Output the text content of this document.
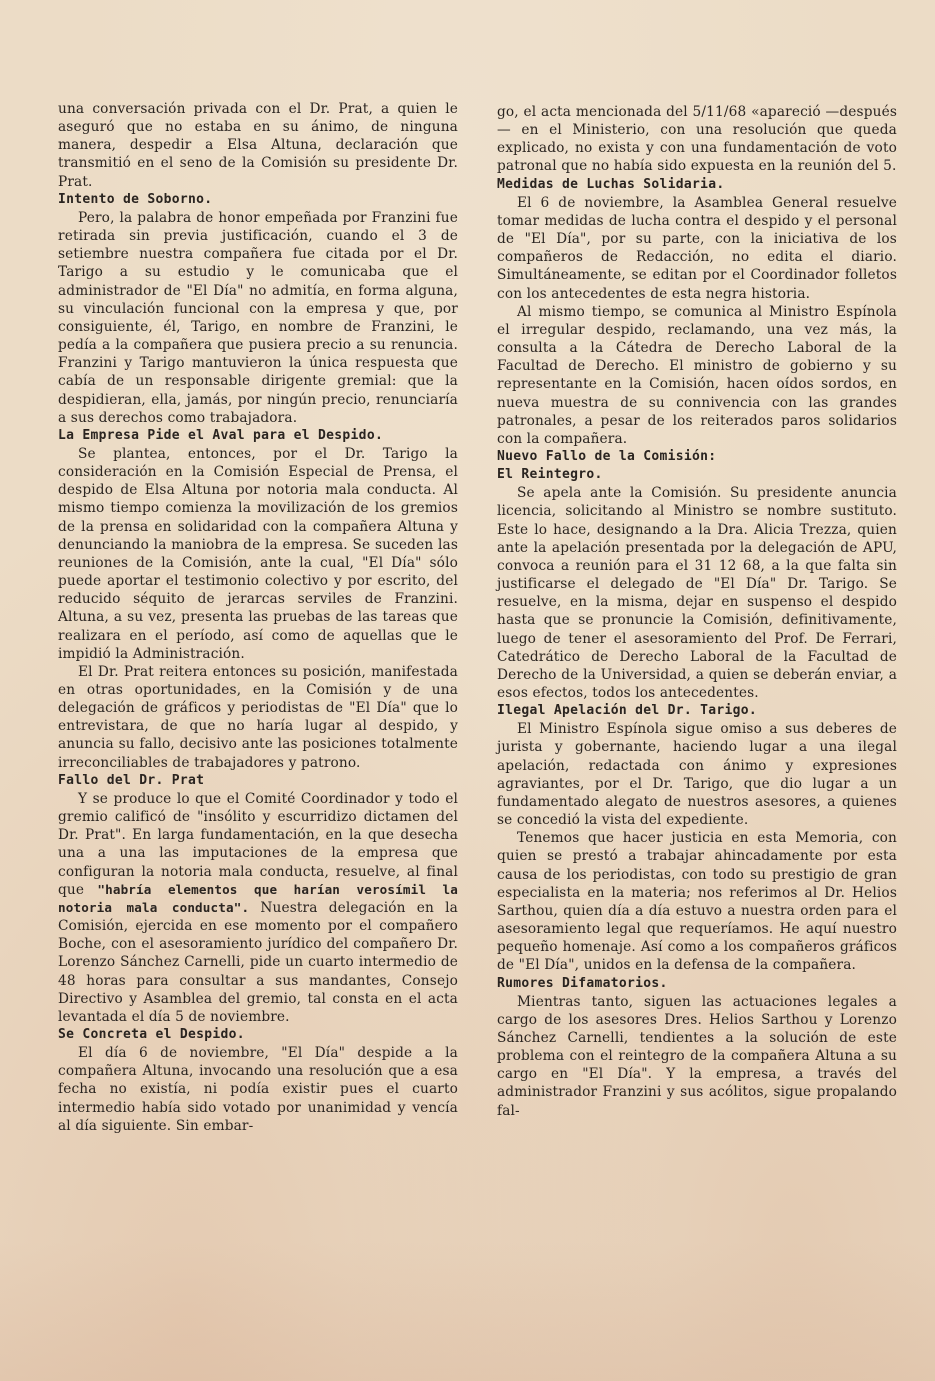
una conversación privada con el Dr. Prat, a quien le aseguró que no estaba en su ánimo, de ninguna manera, despedir a Elsa Altuna, declaración que transmitió en el seno de la Comisión su presidente Dr. Prat.

Intento de Soborno.

Pero, la palabra de honor empeñada por Franzini fue retirada sin previa justificación, cuando el 3 de setiembre nuestra compañera fue citada por el Dr. Tarigo a su estudio y le comunicaba que el administrador de "El Día" no admitía, en forma alguna, su vinculación funcional con la empresa y que, por consiguiente, él, Tarigo, en nombre de Franzini, le pedía a la compañera que pusiera precio a su renuncia. Franzini y Tarigo mantuvieron la única respuesta que cabía de un responsable dirigente gremial: que la despidieran, ella, jamás, por ningún precio, renunciaría a sus derechos como trabajadora.

La Empresa Pide el Aval para el Despido.

Se plantea, entonces, por el Dr. Tarigo la consideración en la Comisión Especial de Prensa, el despido de Elsa Altuna por notoria mala conducta. Al mismo tiempo comienza la movilización de los gremios de la prensa en solidaridad con la compañera Altuna y denunciando la maniobra de la empresa. Se suceden las reuniones de la Comisión, ante la cual, "El Día" sólo puede aportar el testimonio colectivo y por escrito, del reducido séquito de jerarcas serviles de Franzini. Altuna, a su vez, presenta las pruebas de las tareas que realizara en el período, así como de aquellas que le impidió la Administración.

El Dr. Prat reitera entonces su posición, manifestada en otras oportunidades, en la Comisión y de una delegación de gráficos y periodistas de "El Día" que lo entrevistara, de que no haría lugar al despido, y anuncia su fallo, decisivo ante las posiciones totalmente irreconciliables de trabajadores y patrono.

Fallo del Dr. Prat

Y se produce lo que el Comité Coordinador y todo el gremio calificó de "insólito y escurridizo dictamen del Dr. Prat". En larga fundamentación, en la que desecha una a una las imputaciones de la empresa que configuran la notoria mala conducta, resuelve, al final que "habría elementos que harían verosímil la notoria mala conducta". Nuestra delegación en la Comisión, ejercida en ese momento por el compañero Boche, con el asesoramiento jurídico del compañero Dr. Lorenzo Sánchez Carnelli, pide un cuarto intermedio de 48 horas para consultar a sus mandantes, Consejo Directivo y Asamblea del gremio, tal consta en el acta levantada el día 5 de noviembre.

Se Concreta el Despido.

El día 6 de noviembre, "El Día" despide a la compañera Altuna, invocando una resolución que a esa fecha no existía, ni podía existir pues el cuarto intermedio había sido votado por unanimidad y vencía al día siguiente. Sin embar-

go, el acta mencionada del 5/11/68 «apareció —después— en el Ministerio, con una resolución que queda explicado, no exista y con una fundamentación de voto patronal que no había sido expuesta en la reunión del 5.

Medidas de Luchas Solidaria.

El 6 de noviembre, la Asamblea General resuelve tomar medidas de lucha contra el despido y el personal de "El Día", por su parte, con la iniciativa de los compañeros de Redacción, no edita el diario. Simultáneamente, se editan por el Coordinador folletos con los antecedentes de esta negra historia.

Al mismo tiempo, se comunica al Ministro Espínola el irregular despido, reclamando, una vez más, la consulta a la Cátedra de Derecho Laboral de la Facultad de Derecho. El ministro de gobierno y su representante en la Comisión, hacen oídos sordos, en nueva muestra de su connivencia con las grandes patronales, a pesar de los reiterados paros solidarios con la compañera.

Nuevo Fallo de la Comisión:
El Reintegro.

Se apela ante la Comisión. Su presidente anuncia licencia, solicitando al Ministro se nombre sustituto. Este lo hace, designando a la Dra. Alicia Trezza, quien ante la apelación presentada por la delegación de APU, convoca a reunión para el 31 12 68, a la que falta sin justificarse el delegado de "El Día" Dr. Tarigo. Se resuelve, en la misma, dejar en suspenso el despido hasta que se pronuncie la Comisión, definitivamente, luego de tener el asesoramiento del Prof. De Ferrari, Catedrático de Derecho Laboral de la Facultad de Derecho de la Universidad, a quien se deberán enviar, a esos efectos, todos los antecedentes.

Ilegal Apelación del Dr. Tarigo.

El Ministro Espínola sigue omiso a sus deberes de jurista y gobernante, haciendo lugar a una ilegal apelación, redactada con ánimo y expresiones agraviantes, por el Dr. Tarigo, que dio lugar a un fundamentado alegato de nuestros asesores, a quienes se concedió la vista del expediente.

Tenemos que hacer justicia en esta Memoria, con quien se prestó a trabajar ahincadamente por esta causa de los periodistas, con todo su prestigio de gran especialista en la materia; nos referimos al Dr. Helios Sarthou, quien día a día estuvo a nuestra orden para el asesoramiento legal que requeríamos. He aquí nuestro pequeño homenaje. Así como a los compañeros gráficos de "El Día", unidos en la defensa de la compañera.

Rumores Difamatorios.

Mientras tanto, siguen las actuaciones legales a cargo de los asesores Dres. Helios Sarthou y Lorenzo Sánchez Carnelli, tendientes a la solución de este problema con el reintegro de la compañera Altuna a su cargo en "El Día". Y la empresa, a través del administrador Franzini y sus acólitos, sigue propalando fal-
